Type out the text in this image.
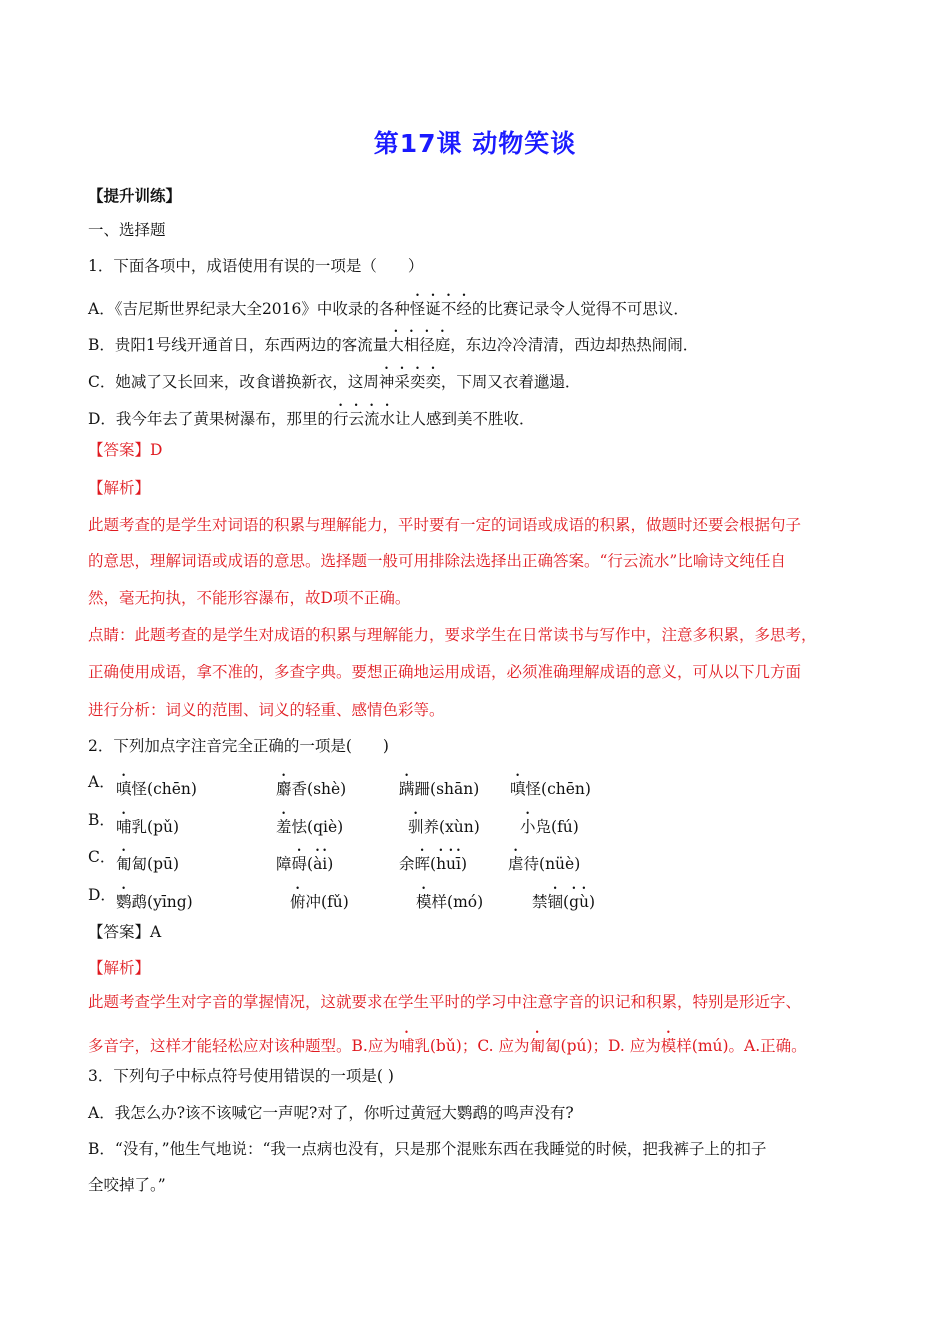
第17课 动物笑谈
【提升训练】
一、选择题
1．下面各项中，成语使用有误的一项是（　　）
A．《吉尼斯世界纪录大全2016》中收录的各种怪诞不经的比赛记录令人觉得不可思议．
B．贵阳1号线开通首日，东西两边的客流量大相径庭，东边冷冷清清，西边却热热闹闹．
C．她减了又长回来，改食谱换新衣，这周神采奕奕，下周又衣着邋遢．
D．我今年去了黄果树瀑布，那里的行云流水让人感到美不胜收．
【答案】D
【解析】
此题考查的是学生对词语的积累与理解能力，平时要有一定的词语或成语的积累，做题时还要会根据句子
的意思，理解词语或成语的意思。选择题一般可用排除法选择出正确答案。“行云流水”比喻诗文纯任自
然，毫无拘执，不能形容瀑布，故D项不正确。
点睛：此题考查的是学生对成语的积累与理解能力，要求学生在日常读书与写作中，注意多积累，多思考，
正确使用成语，拿不准的，多查字典。要想正确地运用成语，必须准确理解成语的意义，可从以下几方面
进行分析：词义的范围、词义的轻重、感情色彩等。
2．下列加点字注音完全正确的一项是(　　)
A． 嗔怪(chēn)	麝香(shè)	蹒跚(shān) 嗔怪(chēn)
B． 哺乳(pǔ)	羞怯(qiè)	驯养(xùn)	小凫(fú)
C． 匍匐(pū)	障碍(ài)	余晖(huī)	虐待(nüè)
D． 鹦鹉(yīng)	俯冲(fǔ)	模样(mó)	禁锢(gù)
【答案】A
【解析】
此题考查学生对字音的掌握情况，这就要求在学生平时的学习中注意字音的识记和积累，特别是形近字、
多音字，这样才能轻松应对该种题型。B.应为哺乳(bǔ)；C. 应为匍匐(pú)；D. 应为模样(mú)。A.正确。
3．下列句子中标点符号使用错误的一项是( )
A．我怎么办?该不该喊它一声呢?对了，你听过黄冠大鹦鹉的鸣声没有?
B．“没有，”他生气地说：“我一点病也没有，只是那个混账东西在我睡觉的时候，把我裤子上的扣子
全咬掉了。”
